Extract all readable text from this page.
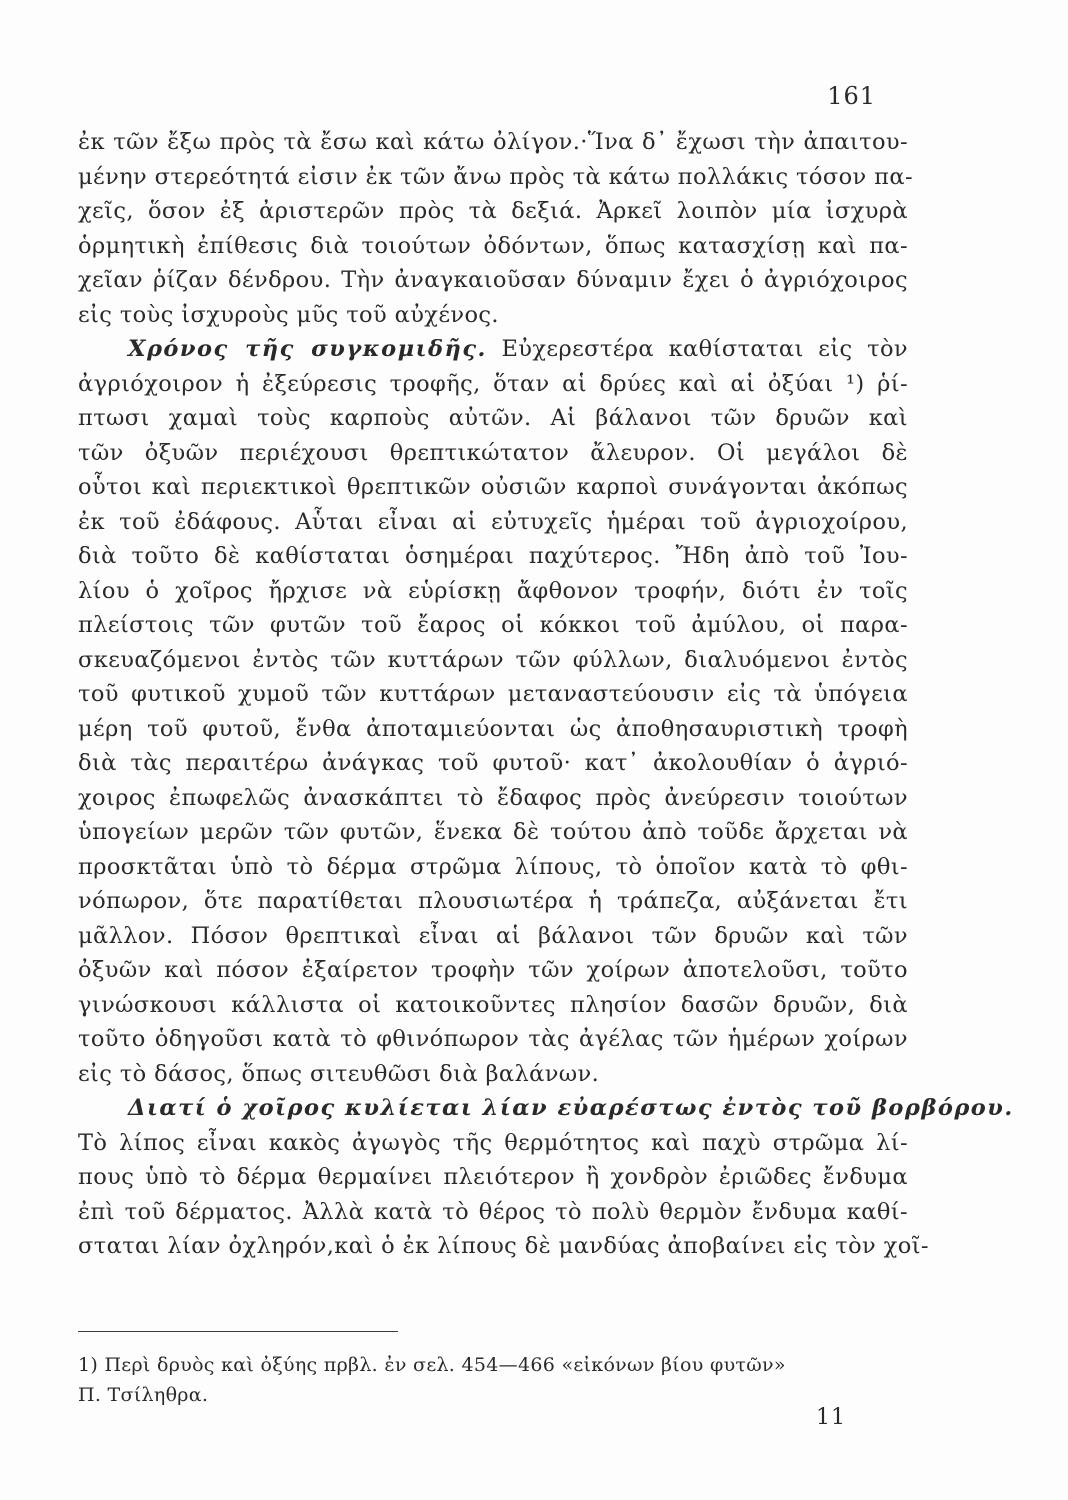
161
ἐκ τῶν ἔξω πρὸς τὰ ἔσω καὶ κάτω ὀλίγον.·Ἵνα δ᾿ ἔχωσι τὴν ἀπαιτου-
μένην στερεότητά εἰσιν ἐκ τῶν ἄνω πρὸς τὰ κάτω πολλάκις τόσον πα-
χεῖς, ὅσον ἐξ ἀριστερῶν πρὸς τὰ δεξιά. Ἀρκεῖ λοιπὸν μία ἰσχυρὰ
ὁρμητικὴ ἐπίθεσις διὰ τοιούτων ὀδόντων, ὅπως κατασχίσῃ καὶ πα-
χεῖαν ῥίζαν δένδρου. Τὴν ἀναγκαιοῦσαν δύναμιν ἔχει ὁ ἀγριόχοιρος
εἰς τοὺς ἰσχυροὺς μῦς τοῦ αὐχένος.
Χρόνος τῆς συγκομιδῆς. Εὐχερεστέρα καθίσταται εἰς τὸν
ἀγριόχοιρον ἡ ἐξεύρεσις τροφῆς, ὅταν αἱ δρύες καὶ αἱ ὀξύαι ¹) ῥί-
πτωσι χαμαὶ τοὺς καρποὺς αὐτῶν. Αἱ βάλανοι τῶν δρυῶν καὶ
τῶν ὀξυῶν περιέχουσι θρεπτικώτατον ἄλευρον. Οἱ μεγάλοι δὲ
οὗτοι καὶ περιεκτικοὶ θρεπτικῶν οὐσιῶν καρποὶ συνάγονται ἀκόπως
ἐκ τοῦ ἐδάφους. Αὗται εἶναι αἱ εὐτυχεῖς ἡμέραι τοῦ ἀγριοχοίρου,
διὰ τοῦτο δὲ καθίσταται ὁσημέραι παχύτερος. Ἤδη ἀπὸ τοῦ Ἰου-
λίου ὁ χοῖρος ἤρχισε νὰ εὑρίσκῃ ἄφθονον τροφήν, διότι ἐν τοῖς
πλείστοις τῶν φυτῶν τοῦ ἔαρος οἱ κόκκοι τοῦ ἀμύλου, οἱ παρα-
σκευαζόμενοι ἐντὸς τῶν κυττάρων τῶν φύλλων, διαλυόμενοι ἐντὸς
τοῦ φυτικοῦ χυμοῦ τῶν κυττάρων μεταναστεύουσιν εἰς τὰ ὑπόγεια
μέρη τοῦ φυτοῦ, ἔνθα ἀποταμιεύονται ὡς ἀποθησαυριστικὴ τροφὴ
διὰ τὰς περαιτέρω ἀνάγκας τοῦ φυτοῦ· κατ᾿ ἀκολουθίαν ὁ ἀγριό-
χοιρος ἐπωφελῶς ἀνασκάπτει τὸ ἔδαφος πρὸς ἀνεύρεσιν τοιούτων
ὑπογείων μερῶν τῶν φυτῶν, ἕνεκα δὲ τούτου ἀπὸ τοῦδε ἄρχεται νὰ
προσκτᾶται ὑπὸ τὸ δέρμα στρῶμα λίπους, τὸ ὁποῖον κατὰ τὸ φθι-
νόπωρον, ὅτε παρατίθεται πλουσιωτέρα ἡ τράπεζα, αὐξάνεται ἔτι
μᾶλλον. Πόσον θρεπτικαὶ εἶναι αἱ βάλανοι τῶν δρυῶν καὶ τῶν
ὀξυῶν καὶ πόσον ἐξαίρετον τροφὴν τῶν χοίρων ἀποτελοῦσι, τοῦτο
γινώσκουσι κάλλιστα οἱ κατοικοῦντες πλησίον δασῶν δρυῶν, διὰ
τοῦτο ὁδηγοῦσι κατὰ τὸ φθινόπωρον τὰς ἀγέλας τῶν ἡμέρων χοίρων
εἰς τὸ δάσος, ὅπως σιτευθῶσι διὰ βαλάνων.
Διατί ὁ χοῖρος κυλίεται λίαν εὐαρέστως ἐντὸς τοῦ βορβόρου.
Τὸ λίπος εἶναι κακὸς ἀγωγὸς τῆς θερμότητος καὶ παχὺ στρῶμα λί-
πους ὑπὸ τὸ δέρμα θερμαίνει πλειότερον ἢ χονδρὸν ἐριῶδες ἔνδυμα
ἐπὶ τοῦ δέρματος. Ἀλλὰ κατὰ τὸ θέρος τὸ πολὺ θερμὸν ἔνδυμα καθί-
σταται λίαν ὀχληρόν,καὶ ὁ ἐκ λίπους δὲ μανδύας ἀποβαίνει εἰς τὸν χοῖ-
1) Περὶ δρυὸς καὶ ὀξύης πρβλ. ἐν σελ. 454—466 «εἰκόνων βίου φυτῶν»
Π. Τσίληθρα.
11
